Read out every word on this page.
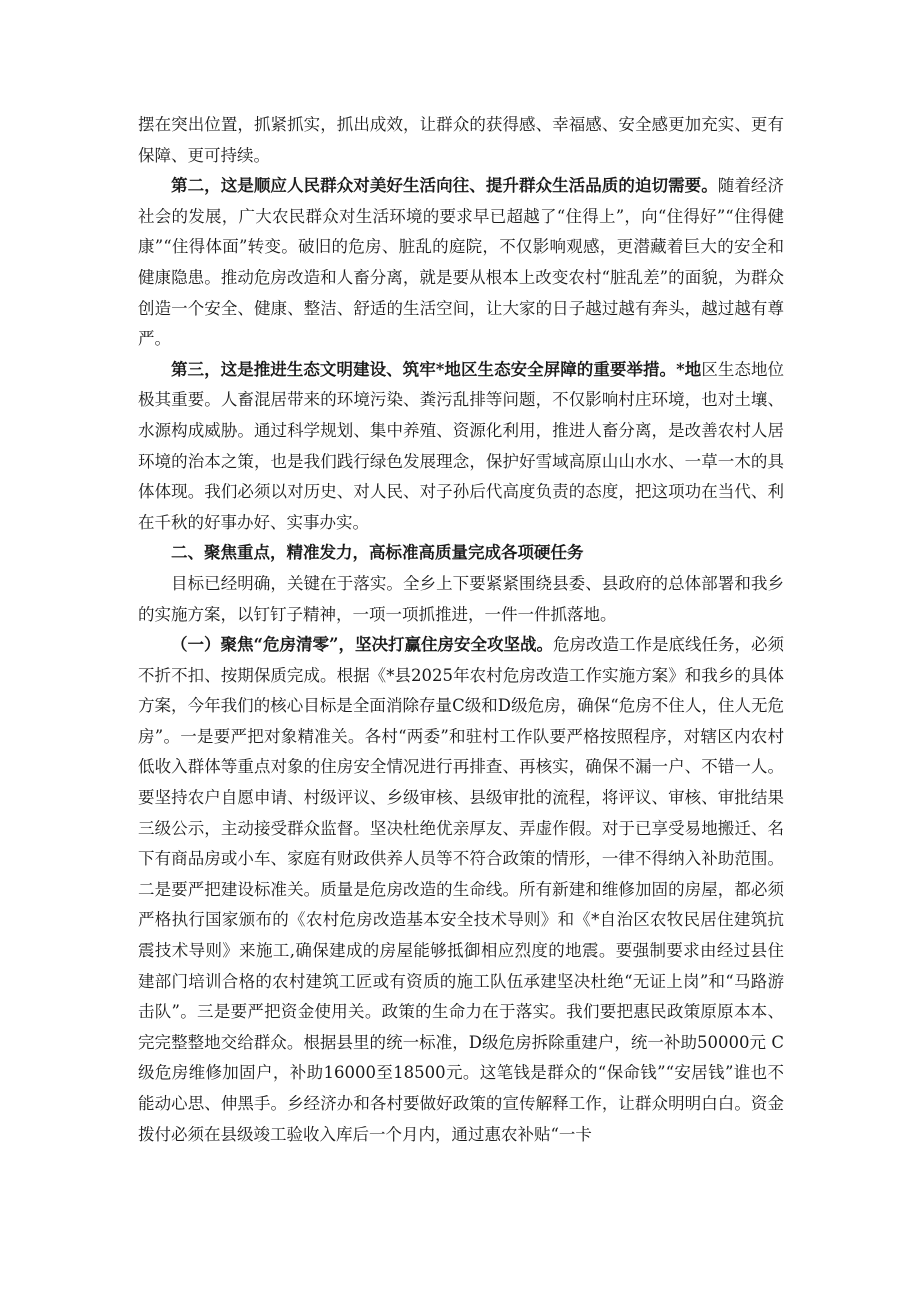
摆在突出位置，抓紧抓实，抓出成效，让群众的获得感、幸福感、安全感更加充实、更有保障、更可持续。

第二，这是顺应人民群众对美好生活向往、提升群众生活品质的迫切需要。随着经济社会的发展，广大农民群众对生活环境的要求早已超越了“住得上”，向“住得好”“住得健康”“住得体面”转变。破旧的危房、脏乱的庭院，不仅影响观感，更潜藏着巨大的安全和健康隐患。推动危房改造和人畜分离，就是要从根本上改变农村“脏乱差”的面貌，为群众创造一个安全、健康、整洁、舒适的生活空间，让大家的日子越过越有奔头，越过越有尊严。

第三，这是推进生态文明建设、筑牢*地区生态安全屏障的重要举措。*地区生态地位极其重要。人畜混居带来的环境污染、粪污乱排等问题，不仅影响村庄环境，也对土壤、水源构成威胁。通过科学规划、集中养殖、资源化利用，推进人畜分离，是改善农村人居环境的治本之策，也是我们践行绿色发展理念，保护好雪域高原山山水水、一草一木的具体体现。我们必须以对历史、对人民、对子孙后代高度负责的态度，把这项功在当代、利在千秋的好事办好、实事办实。

二、聚焦重点，精准发力，高标准高质量完成各项硬任务

目标已经明确，关键在于落实。全乡上下要紧紧围绕县委、县政府的总体部署和我乡的实施方案，以钉钉子精神，一项一项抓推进，一件一件抓落地。

（一）聚焦“危房清零”，坚决打赢住房安全攻坚战。危房改造工作是底线任务，必须不折不扣、按期保质完成。根据《*县2025年农村危房改造工作实施方案》和我乡的具体方案，今年我们的核心目标是全面消除存量C级和D级危房，确保“危房不住人，住人无危房”。一是要严把对象精准关。各村“两委”和驻村工作队要严格按照程序，对辖区内农村低收入群体等重点对象的住房安全情况进行再排查、再核实，确保不漏一户、不错一人。要坚持农户自愿申请、村级评议、乡级审核、县级审批的流程，将评议、审核、审批结果三级公示，主动接受群众监督。坚决杜绝优亲厚友、弄虚作假。对于已享受易地搬迁、名下有商品房或小车、家庭有财政供养人员等不符合政策的情形，一律不得纳入补助范围。二是要严把建设标准关。质量是危房改造的生命线。所有新建和维修加固的房屋，都必须严格执行国家颁布的《农村危房改造基本安全技术导则》和《*自治区农牧民居住建筑抗震技术导则》来施工,确保建成的房屋能够抵御相应烈度的地震。要强制要求由经过县住建部门培训合格的农村建筑工匠或有资质的施工队伍承建坚决杜绝“无证上岗”和“马路游击队”。三是要严把资金使用关。政策的生命力在于落实。我们要把惠民政策原原本本、完完整整地交给群众。根据县里的统一标准，D级危房拆除重建户，统一补助50000元 C级危房维修加固户，补助16000至18500元。这笔钱是群众的“保命钱”“安居钱”谁也不能动心思、伸黑手。乡经济办和各村要做好政策的宣传解释工作，让群众明明白白。资金拨付必须在县级竣工验收入库后一个月内，通过惠农补贴“一卡
